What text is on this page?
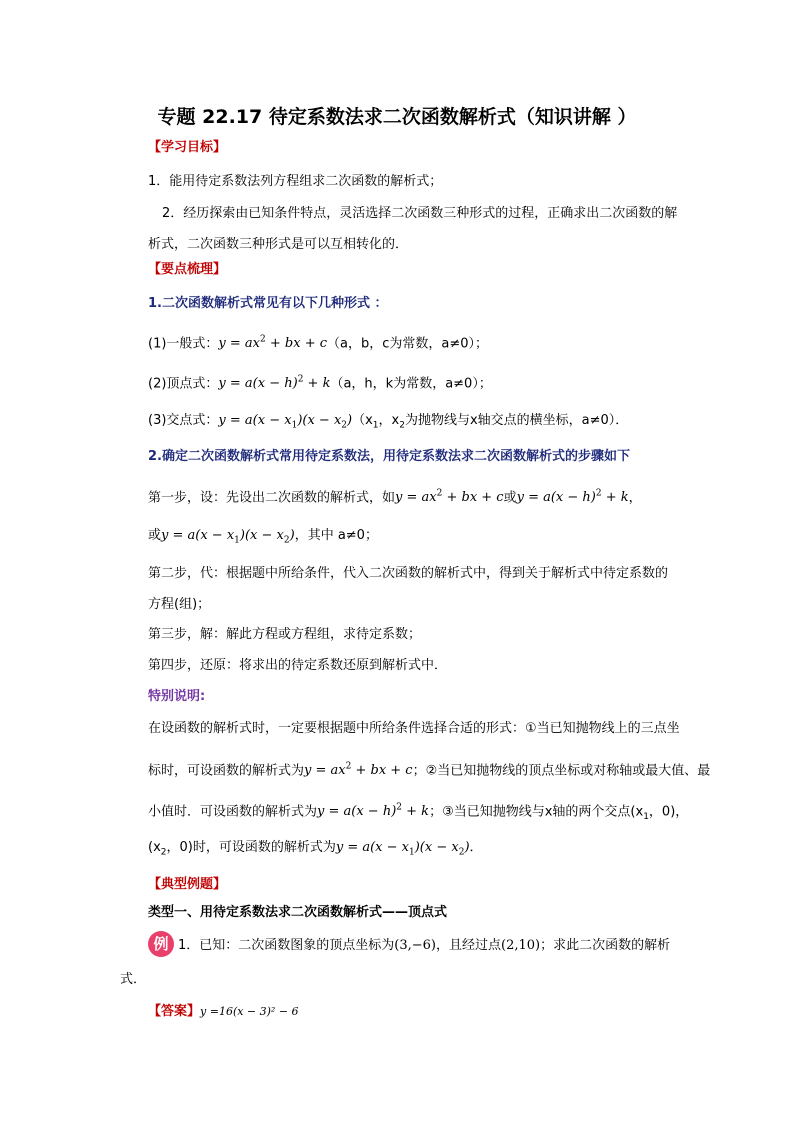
专题 22.17 待定系数法求二次函数解析式（知识讲解 ）
【学习目标】
1．能用待定系数法列方程组求二次函数的解析式；
2．经历探索由已知条件特点，灵活选择二次函数三种形式的过程，正确求出二次函数的解
析式，二次函数三种形式是可以互相转化的．
【要点梳理】
1.二次函数解析式常见有以下几种形式 ：
(1)一般式：$y = ax^2$ + bx + c（a，b，c为常数，a≠0）；
(2)顶点式：$y = a(x - h)^2 + k(a$，h，k为常数，a≠0）；
(3)交点式：$y = a(x - x_1)(x - x_2)(x_1$，$x_2$为抛物线与x轴交点的横坐标，a≠0）．
2.确定二次函数解析式常用待定系数法，用待定系数法求二次函数解析式的步骤如下
第一步，设：先设出二次函数的解析式，如$y = ax^2$ + bx + c或$y = a(x - h)^2 + k$，
或$y = a(x - x_1)(x - x_2)$，其中 a≠0；
第二步，代：根据题中所给条件，代入二次函数的解析式中，得到关于解析式中待定系数的
方程(组)；
第三步，解：解此方程或方程组，求待定系数；
第四步，还原：将求出的待定系数还原到解析式中．
特别说明:
在设函数的解析式时，一定要根据题中所给条件选择合适的形式：①当已知抛物线上的三点坐
标时，可设函数的解析式为$y = ax^2$ + bx + c；②当已知抛物线的顶点坐标或对称轴或最大值、最
小值时．可设函数的解析式为$y = a(x - h)^2 + k$；③当已知抛物线与x轴的两个交点($x_1$，0)，
($x_2$，0)时，可设函数的解析式为$y = a(x - x_1)(x - x_2)$．
【典型例题】
类型一、用待定系数法求二次函数解析式——顶点式
例 1．已知：二次函数图象的顶点坐标为(3,−6)，且经过点(2,10)；求此二次函数的解析
式．
【答案】y =16(x − 3)² − 6
